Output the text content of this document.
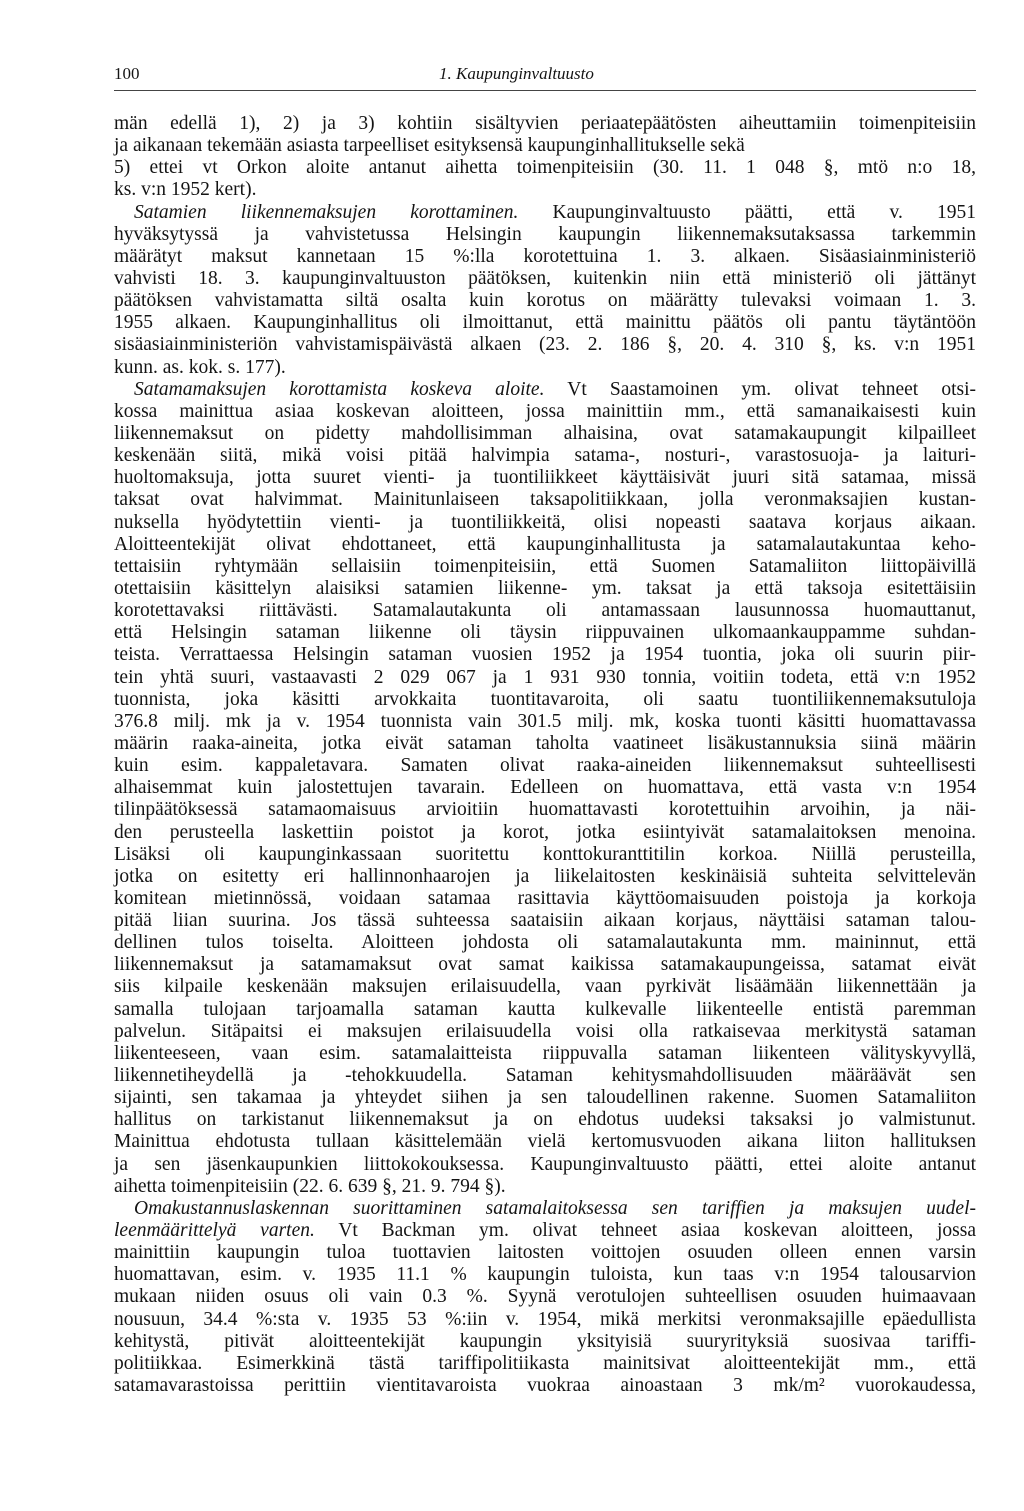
100	1. Kaupunginvaltuusto
män edellä 1), 2) ja 3) kohtiin sisältyvien periaatepäätösten aiheuttamiin toimenpiteisiin
ja aikanaan tekemään asiasta tarpeelliset esityksensä kaupunginhallitukselle sekä
5) ettei vt Orkon aloite antanut aihetta toimenpiteisiin (30. 11. 1 048 §, mtö n:o 18,
ks. v:n 1952 kert).
Satamien liikennemaksujen korottaminen. Kaupunginvaltuusto päätti, että v. 1951
hyväksytyssä ja vahvistetussa Helsingin kaupungin liikennemaksutaksassa tarkemmin
määrätyt maksut kannetaan 15 %:lla korotettuina 1. 3. alkaen. Sisäasiainministeriö
vahvisti 18. 3. kaupunginvaltuuston päätöksen, kuitenkin niin että ministeriö oli jättänyt
päätöksen vahvistamatta siltä osalta kuin korotus on määrätty tulevaksi voimaan 1. 3.
1955 alkaen. Kaupunginhallitus oli ilmoittanut, että mainittu päätös oli pantu täytäntöön
sisäasiainministeriön vahvistamispäivästä alkaen (23. 2. 186 §, 20. 4. 310 §, ks. v:n 1951
kunn. as. kok. s. 177).
Satamamaksujen korottamista koskeva aloite. Vt Saastamoinen ym. olivat tehneet otsi-
kossa mainittua asiaa koskevan aloitteen, jossa mainittiin mm., että samanaikaisesti kuin
liikennemaksut on pidetty mahdollisimman alhaisina, ovat satamakaupungit kilpailleet
keskenään siitä, mikä voisi pitää halvimpia satama-, nosturi-, varastosuoja- ja laituri-
huoltomaksuja, jotta suuret vienti- ja tuontiliikkeet käyttäisivät juuri sitä satamaa, missä
taksat ovat halvimmat. Mainitunlaiseen taksapolitiikkaan, jolla veronmaksajien kustan-
nuksella hyödytettiin vienti- ja tuontiliikkeitä, olisi nopeasti saatava korjaus aikaan.
Aloitteentekijät olivat ehdottaneet, että kaupunginhallitusta ja satamalautakuntaa keho-
tettaisiin ryhtymään sellaisiin toimenpiteisiin, että Suomen Satamaliiton liittopäivillä
otettaisiin käsittelyn alaisiksi satamien liikenne- ym. taksat ja että taksoja esitettäisiin
korotettavaksi riittävästi. Satamalautakunta oli antamassaan lausunnossa huomauttanut,
että Helsingin sataman liikenne oli täysin riippuvainen ulkomaankauppamme suhdan-
teista. Verrattaessa Helsingin sataman vuosien 1952 ja 1954 tuontia, joka oli suurin piir-
tein yhtä suuri, vastaavasti 2 029 067 ja 1 931 930 tonnia, voitiin todeta, että v:n 1952
tuonnista, joka käsitti arvokkaita tuontitavaroita, oli saatu tuontiliikennemaksutuloja
376.8 milj. mk ja v. 1954 tuonnista vain 301.5 milj. mk, koska tuonti käsitti huomattavassa
määrin raaka-aineita, jotka eivät sataman taholta vaatineet lisäkustannuksia siinä määrin
kuin esim. kappaletavara. Samaten olivat raaka-aineiden liikennemaksut suhteellisesti
alhaisemmat kuin jalostettujen tavarain. Edelleen on huomattava, että vasta v:n 1954
tilinpäätöksessä satamaomaisuus arvioitiin huomattavasti korotettuihin arvoihin, ja näi-
den perusteella laskettiin poistot ja korot, jotka esiintyivät satamalaitoksen menoina.
Lisäksi oli kaupunginkassaan suoritettu konttokuranttitilin korkoa. Niillä perusteilla,
jotka on esitetty eri hallinnonhaarojen ja liikelaitosten keskinäisiä suhteita selvittelevän
komitean mietinnössä, voidaan satamaa rasittavia käyttöomaisuuden poistoja ja korkoja
pitää liian suurina. Jos tässä suhteessa saataisiin aikaan korjaus, näyttäisi sataman talou-
dellinen tulos toiselta. Aloitteen johdosta oli satamalautakunta mm. maininnut, että
liikennemaksut ja satamamaksut ovat samat kaikissa satamakaupungeissa, satamat eivät
siis kilpaile keskenään maksujen erilaisuudella, vaan pyrkivät lisäämään liikennettään ja
samalla tulojaan tarjoamalla sataman kautta kulkevalle liikenteelle entistä paremman
palvelun. Sitäpaitsi ei maksujen erilaisuudella voisi olla ratkaisevaa merkitystä sataman
liikenteeseen, vaan esim. satamalaitteista riippuvalla sataman liikenteen välityskyvyllä,
liikennetiheydellä ja -tehokkuudella. Sataman kehitysmahdollisuuden määräävät sen
sijainti, sen takamaa ja yhteydet siihen ja sen taloudellinen rakenne. Suomen Satamaliiton
hallitus on tarkistanut liikennemaksut ja on ehdotus uudeksi taksaksi jo valmistunut.
Mainittua ehdotusta tullaan käsittelemään vielä kertomusvuoden aikana liiton hallituksen
ja sen jäsenkaupunkien liittokokouksessa. Kaupunginvaltuusto päätti, ettei aloite antanut
aihetta toimenpiteisiin (22. 6. 639 §, 21. 9. 794 §).
Omakustannuslaskennan suorittaminen satamalaitoksessa sen tariffien ja maksujen uudel-
leenmäärittelyä varten. Vt Backman ym. olivat tehneet asiaa koskevan aloitteen, jossa
mainittiin kaupungin tuloa tuottavien laitosten voittojen osuuden olleen ennen varsin
huomattavan, esim. v. 1935 11.1 % kaupungin tuloista, kun taas v:n 1954 talousarvion
mukaan niiden osuus oli vain 0.3 %. Syynä verotulojen suhteellisen osuuden huimaavaan
nousuun, 34.4 %:sta v. 1935 53 %:iin v. 1954, mikä merkitsi veronmaksajille epäedullista
kehitystä, pitivät aloitteentekijät kaupungin yksityisiä suuryrityksiä suosivaa tariffi-
politiikkaa. Esimerkkinä tästä tariffipolitiikasta mainitsivat aloitteentekijät mm., että
satamavarastoissa perittiin vientitavaroista vuokraa ainoastaan 3 mk/m² vuorokaudessa,
